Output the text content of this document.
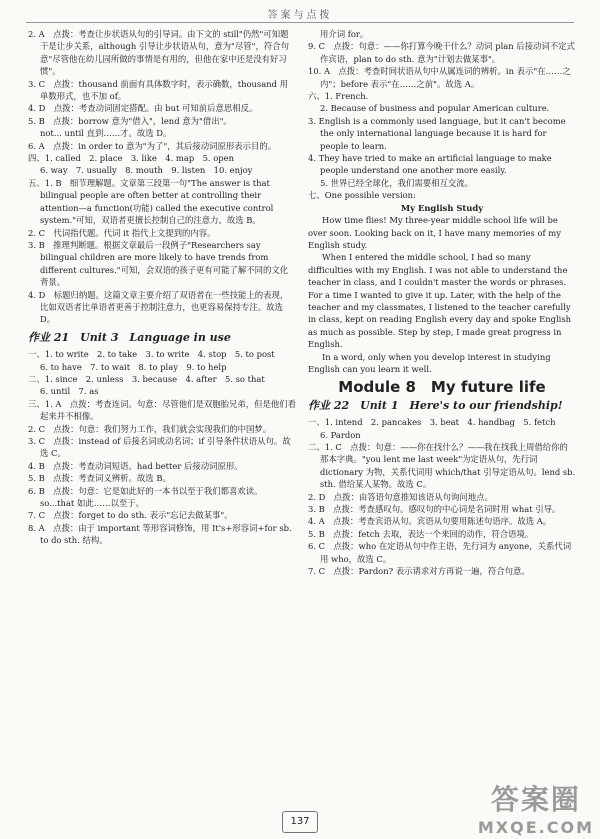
答案与点拨

2. A　点拨：考查让步状语从句的引导词。由下文的 still"仍然"可知题干是让步关系，although 引导让步状语从句，意为"尽管"，符合句意"尽管他在幼儿园所做的事情是有用的，但他在家中还是没有好习惯"。

3. C　点拨：thousand 前面有具体数字时，表示确数，thousand 用单数形式，也不加 of。

4. D　点拨：考查动词固定搭配。由 but 可知前后意思相反。

5. B　点拨：borrow 意为"借入"，lend 意为"借出"。

not... until 直到……才。故选 D。

6. A　点拨：in order to 意为"为了"，其后接动词原形表示目的。

四、1. called　2. place　3. like　4. map　5. open

6. way　7. usually　8. mouth　9. listen　10. enjoy

五、1. B　细节理解题。文章第三段第一句"The answer is that bilingual people are often better at controlling their attention—a function(功能) called the executive control system."可知，双语者更擅长控制自己的注意力。故选 B。

2. C　代词指代题。代词 it 指代上文提到的内容。

3. B　推理判断题。根据文章最后一段例子"Researchers say bilingual children are more likely to have trends from different cultures."可知，会双语的孩子更有可能了解不同的文化背景。

4. D　标题归纳题。这篇文章主要介绍了双语者在一些技能上的表现，比如双语者比单语者更善于控制注意力，也更容易保持专注。故选 D。

作业 21　Unit 3　Language in use

一、1. to write　2. to take　3. to write　4. stop　5. to post

6. to have　7. to wait　8. to play　9. to help

二、1. since　2. unless　3. because　4. after　5. so that

6. until　7. as

三、1. A　点拨：考查连词。句意：尽管他们是双胞胎兄弟，但是他们看起来并不相像。

2. C　点拨：句意：我们努力工作，我们就会实现我们的中国梦。

3. C　点拨：instead of 后接名词或动名词；if 引导条件状语从句。故选 C。

4. B　点拨：考查动词短语。had better 后接动词原形。

5. B　点拨：考查词义辨析。故选 B。

6. B　点拨：句意：它是如此好的一本书以至于我们都喜欢读。so...that 如此……以至于。

7. C　点拨：forget to do sth. 表示"忘记去做某事"。

8. A　点拨：由于 important 等形容词修饰，用 It's+形容词+for sb. to do sth. 结构。

用介词 for。

9. C　点拨：句意：——你打算今晚干什么？动词 plan 后接动词不定式作宾语，plan to do sth. 意为"计划去做某事"。

10. A　点拨：考查时间状语从句中从属连词的辨析。in 表示"在……之内"；before 表示"在……之前"。故选 A。

六、1. French.

2. Because of business and popular American culture.

3. English is a commonly used language, but it can't become the only international language because it is hard for people to learn.

4. They have tried to make an artificial language to make people understand one another more easily.

5. 世界已经全球化，我们需要相互交流。

七、One possible version:

My English Study

How time flies! My three-year middle school life will be over soon. Looking back on it, I have many memories of my English study.

When I entered the middle school, I had so many difficulties with my English. I was not able to understand the teacher in class, and I couldn't master the words or phrases. For a time I wanted to give it up. Later, with the help of the teacher and my classmates, I listened to the teacher carefully in class, kept on reading English every day and spoke English as much as possible. Step by step, I made great progress in English.

In a word, only when you develop interest in studying English can you learn it well.

Module 8　My future life
作业 22　Unit 1　Here's to our friendship!

一、1. intend　2. pancakes　3. beat　4. handbag　5. fetch

6. Pardon

二、1. C　点拨：句意：——你在找什么？——我在找我上周借给你的那本字典。"you lent me last week"为定语从句，先行词 dictionary 为物，关系代词用 which/that 引导定语从句。lend sb. sth. 借给某人某物。故选 C。

2. D　点拨：由答语句意推知该语从句询问地点。

3. B　点拨：考查感叹句。感叹句的中心词是名词时用 what 引导。

4. A　点拨：考查宾语从句。宾语从句要用陈述句语序。故选 A。

5. B　点拨：fetch 去取，表达一个来回的动作，符合语境。

6. C　点拨：who 在定语从句中作主语，先行词为 anyone，关系代词用 who，故选 C。

7. C　点拨：Pardon? 表示请求对方再说一遍，符合句意。

137
答案圈
MXQE.COM
